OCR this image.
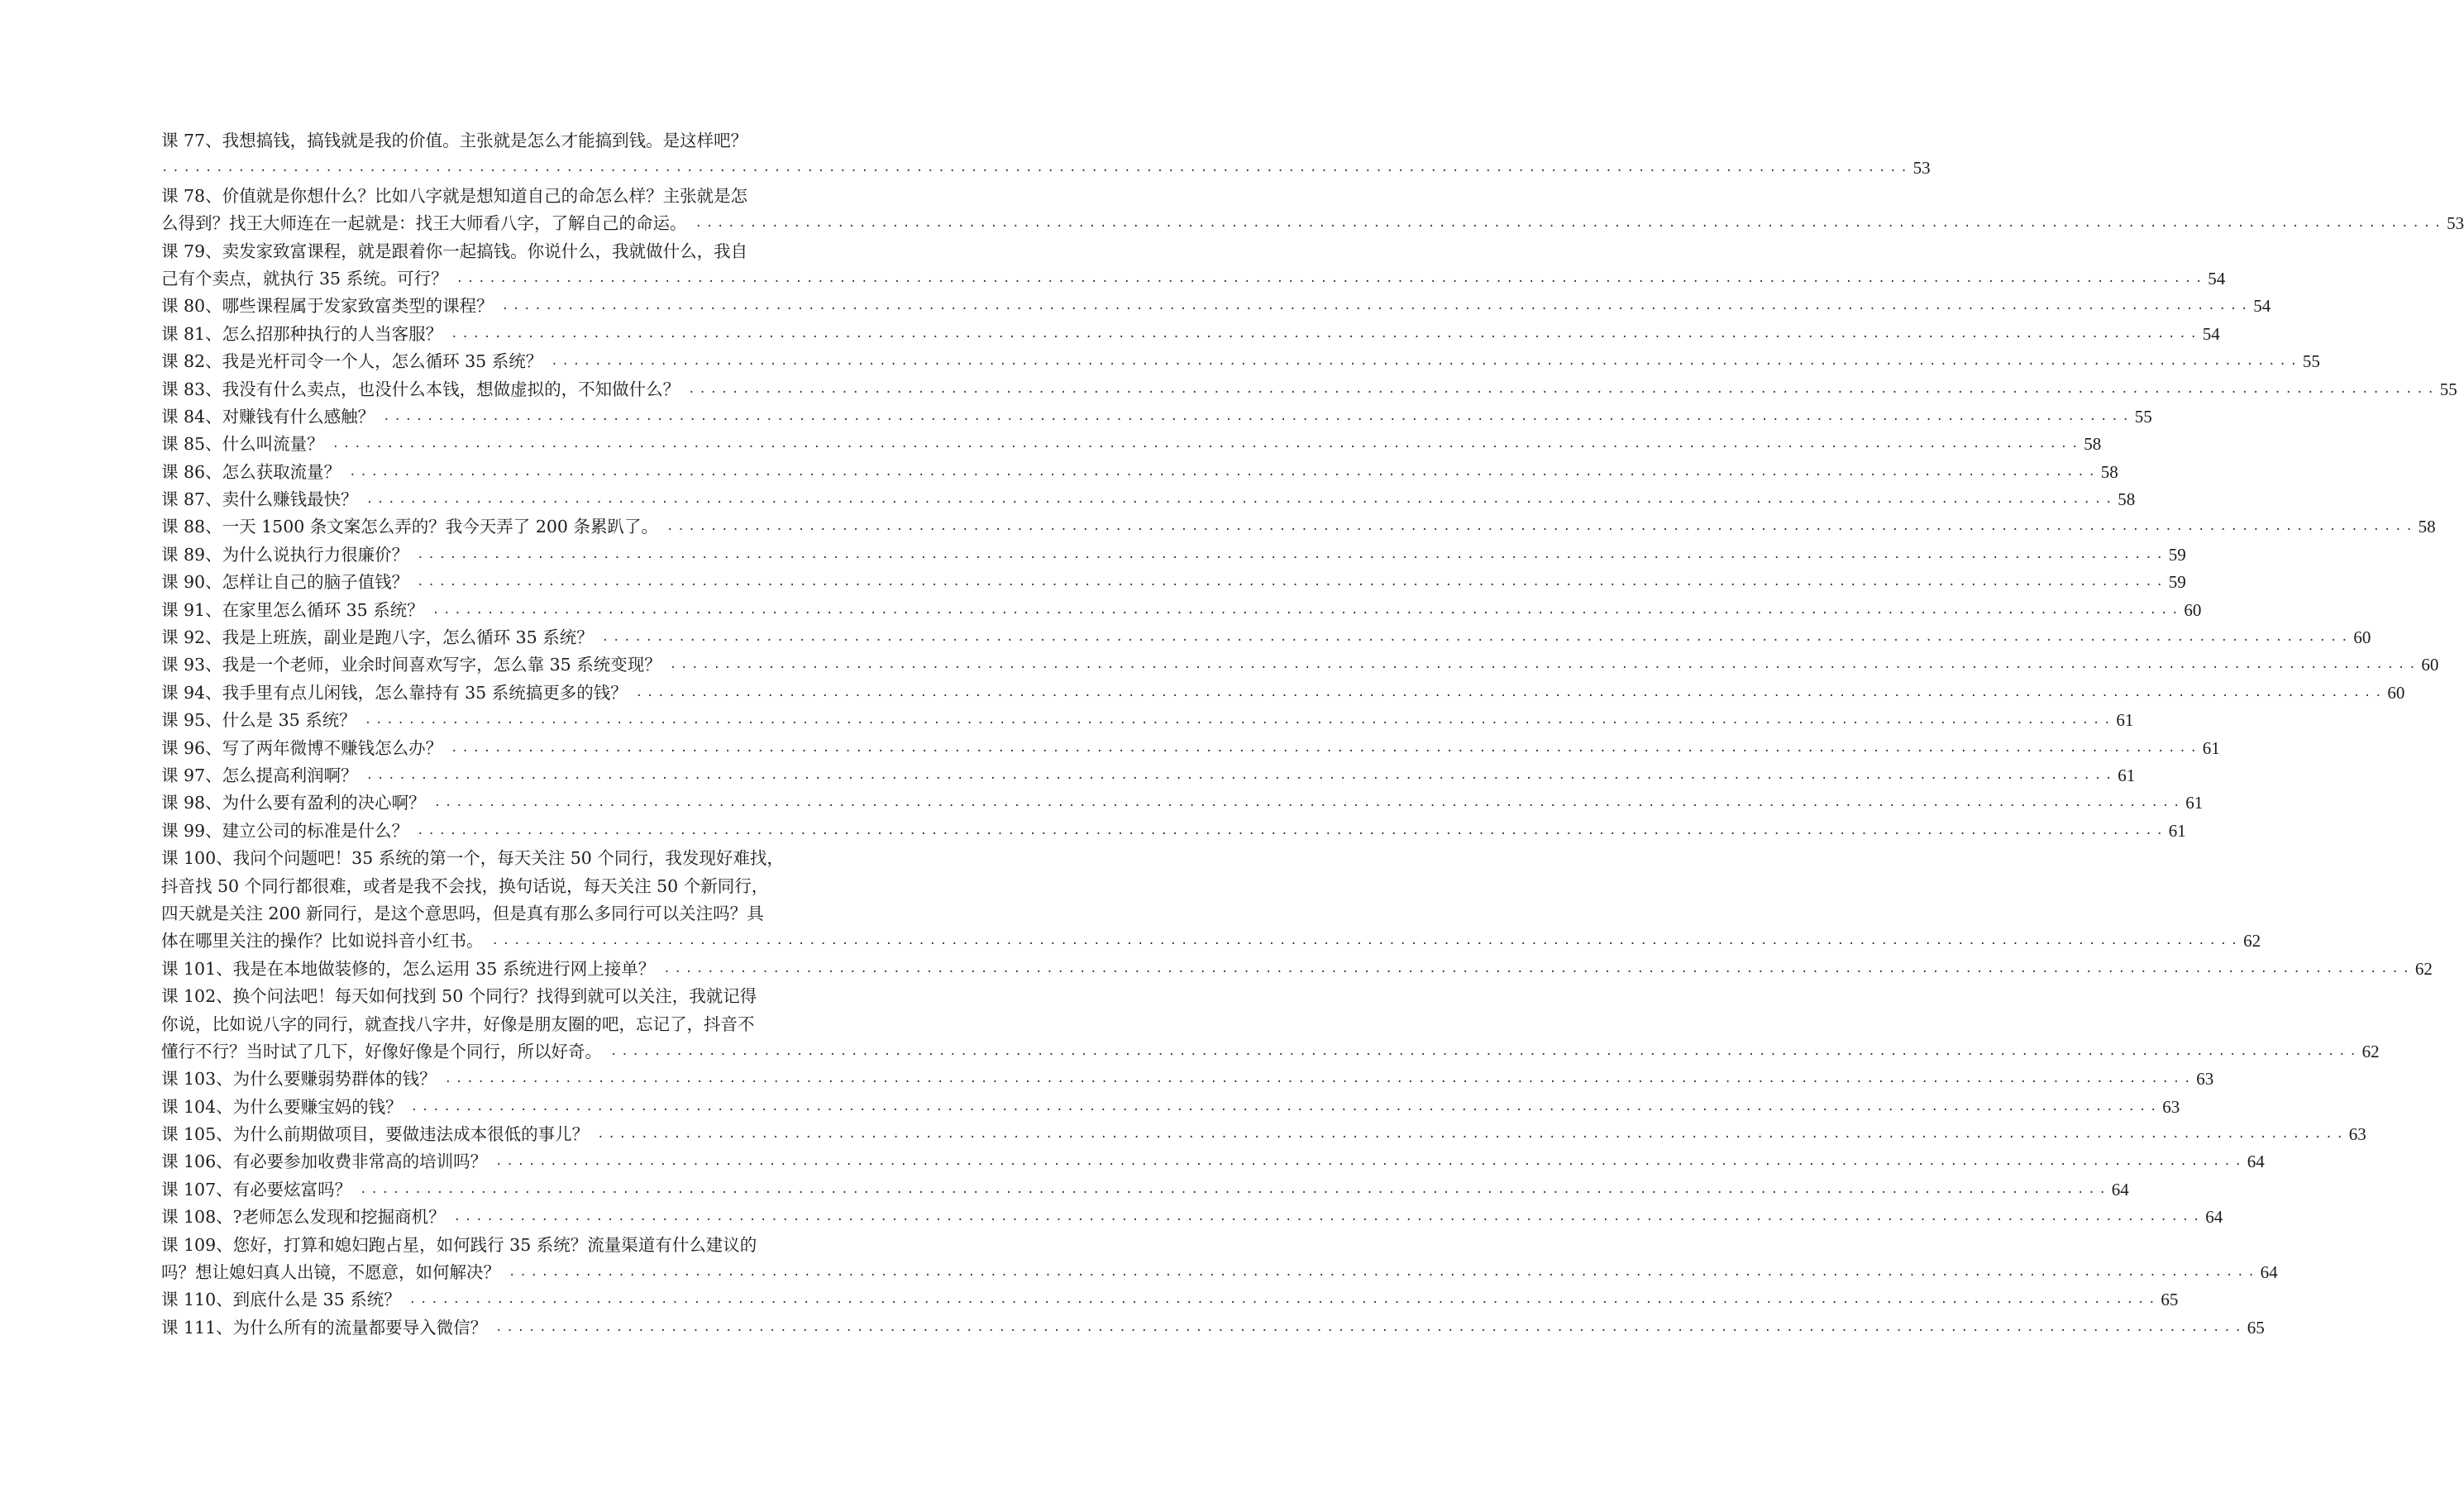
课 77、我想搞钱，搞钱就是我的价值。主张就是怎么才能搞到钱。是这样吧？
................................................................................................................................................................ 53
课 78、价值就是你想什么？比如八字就是想知道自己的命怎么样？主张就是怎
么得到？找王大师连在一起就是：找王大师看八字，了解自己的命运。 ................................................................................................................................................................ 53
课 79、卖发家致富课程，就是跟着你一起搞钱。你说什么，我就做什么，我自
己有个卖点，就执行 35 系统。可行？ ................................................................................................................................................................ 54
课 80、哪些课程属于发家致富类型的课程？ ................................................................................................................................................................ 54
课 81、怎么招那种执行的人当客服？ ................................................................................................................................................................ 54
课 82、我是光杆司令一个人，怎么循环 35 系统？ ................................................................................................................................................................ 55
课 83、我没有什么卖点，也没什么本钱，想做虚拟的，不知做什么？ ................................................................................................................................................................ 55
课 84、对赚钱有什么感触？ ................................................................................................................................................................ 55
课 85、什么叫流量？ ................................................................................................................................................................ 58
课 86、怎么获取流量？ ................................................................................................................................................................ 58
课 87、卖什么赚钱最快？ ................................................................................................................................................................ 58
课 88、一天 1500 条文案怎么弄的？我今天弄了 200 条累趴了。 ................................................................................................................................................................ 58
课 89、为什么说执行力很廉价？ ................................................................................................................................................................ 59
课 90、怎样让自己的脑子值钱？ ................................................................................................................................................................ 59
课 91、在家里怎么循环 35 系统？ ................................................................................................................................................................ 60
课 92、我是上班族，副业是跑八字，怎么循环 35 系统？ ................................................................................................................................................................ 60
课 93、我是一个老师，业余时间喜欢写字，怎么靠 35 系统变现？ ................................................................................................................................................................ 60
课 94、我手里有点儿闲钱，怎么靠持有 35 系统搞更多的钱？ ................................................................................................................................................................ 60
课 95、什么是 35 系统？ ................................................................................................................................................................ 61
课 96、写了两年微博不赚钱怎么办？ ................................................................................................................................................................ 61
课 97、怎么提高利润啊？ ................................................................................................................................................................ 61
课 98、为什么要有盈利的决心啊？ ................................................................................................................................................................ 61
课 99、建立公司的标准是什么？ ................................................................................................................................................................ 61
课 100、我问个问题吧！35 系统的第一个，每天关注 50 个同行，我发现好难找，
抖音找 50 个同行都很难，或者是我不会找，换句话说，每天关注 50 个新同行，
四天就是关注 200 新同行，是这个意思吗，但是真有那么多同行可以关注吗？具
体在哪里关注的操作？比如说抖音小红书。 ................................................................................................................................................................ 62
课 101、我是在本地做装修的，怎么运用 35 系统进行网上接单？ ................................................................................................................................................................ 62
课 102、换个问法吧！每天如何找到 50 个同行？找得到就可以关注，我就记得
你说，比如说八字的同行，就查找八字井，好像是朋友圈的吧，忘记了，抖音不
懂行不行？当时试了几下，好像好像是个同行，所以好奇。 ................................................................................................................................................................ 62
课 103、为什么要赚弱势群体的钱？ ................................................................................................................................................................ 63
课 104、为什么要赚宝妈的钱？ ................................................................................................................................................................ 63
课 105、为什么前期做项目，要做违法成本很低的事儿？ ................................................................................................................................................................ 63
课 106、有必要参加收费非常高的培训吗？ ................................................................................................................................................................ 64
课 107、有必要炫富吗？ ................................................................................................................................................................ 64
课 108、?老师怎么发现和挖掘商机？ ................................................................................................................................................................ 64
课 109、您好，打算和媳妇跑占星，如何践行 35 系统？流量渠道有什么建议的
吗？想让媳妇真人出镜，不愿意，如何解决？ ................................................................................................................................................................ 64
课 110、到底什么是 35 系统？ ................................................................................................................................................................ 65
课 111、为什么所有的流量都要导入微信？ ................................................................................................................................................................ 65
